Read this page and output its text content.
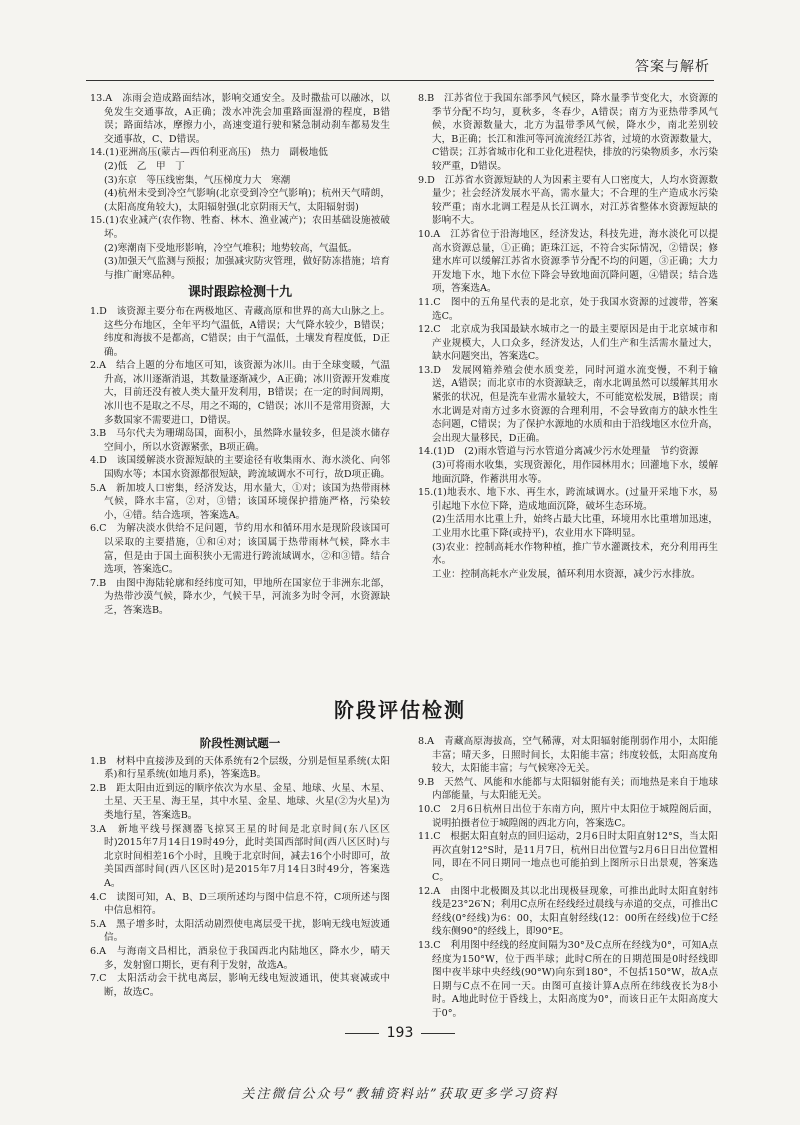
答案与解析
13.A　冻雨会造成路面结冰，影响交通安全。及时撒盐可以融冰，以免发生交通事故，A正确；泼水冲洗会加重路面湿滑的程度，B错误；路面结冰，摩擦力小，高速变道行驶和紧急制动刹车都易发生交通事故，C、D错误。
14.(1)亚洲高压(蒙古—西伯利亚高压)　热力　副极地低
(2)低　乙　甲　丁
(3)东京　等压线密集，气压梯度力大　寒潮
(4)杭州未受到冷空气影响(北京受到冷空气影响)；杭州天气晴朗，(太阳高度角较大)，太阳辐射强(北京阴雨天气，太阳辐射弱)
15.(1)农业减产(农作物、牲畜、林木、渔业减产)；农田基础设施被破坏。
(2)寒潮南下受地形影响，冷空气堆积；地势较高，气温低。
(3)加强天气监测与预报；加强减灾防灾管理，做好防冻措施；培育与推广耐寒品种。
课时跟踪检测十九
1.D　该资源主要分布在两极地区、青藏高原和世界的高大山脉之上。这些分布地区，全年平均气温低，A错误；大气降水较少，B错误；纬度和海拔不是都高，C错误；由于气温低，土壤发育程度低，D正确。
2.A　结合上题的分布地区可知，该资源为冰川。由于全球变暖，气温升高，冰川逐渐消退，其数量逐渐减少，A正确；冰川资源开发难度大，目前还没有被人类大量开发利用，B错误；在一定的时间周期，冰川也不是取之不尽，用之不竭的，C错误；冰川不是常用资源，大多数国家不需要进口，D错误。
3.B　马尔代夫为珊瑚岛国，面积小，虽然降水量较多，但是淡水储存空间小，所以水资源紧张，B项正确。
4.D　该国缓解淡水资源短缺的主要途径有收集雨水、海水淡化、向邻国购水等；本国水资源都很短缺，跨流域调水不可行，故D项正确。
5.A　新加坡人口密集，经济发达，用水量大，①对；该国为热带雨林气候，降水丰富，②对，③错；该国环境保护措施严格，污染较小，④错。结合选项，答案选A。
6.C　为解决淡水供给不足问题，节约用水和循环用水是现阶段该国可以采取的主要措施，①和④对；该国属于热带雨林气候，降水丰富，但是由于国土面积狭小无需进行跨流域调水，②和③错。结合选项，答案选C。
7.B　由图中海陆轮廓和经纬度可知，甲地所在国家位于非洲东北部，为热带沙漠气候，降水少，气候干旱，河流多为时令河，水资源缺乏，答案选B。
8.B　江苏省位于我国东部季风气候区，降水量季节变化大，水资源的季节分配不均匀，夏秋多，冬春少，A错误；南方为亚热带季风气候，水资源数量大，北方为温带季风气候，降水少，南北差别较大，B正确；长江和淮河等河流流经江苏省，过境的水资源数量大，C错误；江苏省城市化和工业化进程快，排放的污染物质多，水污染较严重，D错误。
9.D　江苏省水资源短缺的人为因素主要有人口密度大，人均水资源数量少；社会经济发展水平高，需水量大；不合理的生产造成水污染较严重；南水北调工程是从长江调水，对江苏省整体水资源短缺的影响不大。
10.A　江苏省位于沿海地区，经济发达，科技先进，海水淡化可以提高水资源总量，①正确；距珠江远，不符合实际情况，②错误；修建水库可以缓解江苏省水资源季节分配不均的问题，③正确；大力开发地下水，地下水位下降会导致地面沉降问题，④错误；结合选项，答案选A。
11.C　图中的五角星代表的是北京，处于我国水资源的过渡带，答案选C。
12.C　北京成为我国最缺水城市之一的最主要原因是由于北京城市和产业规模大，人口众多，经济发达，人们生产和生活需水量过大，缺水问题突出，答案选C。
13.D　发展网箱养殖会使水质变差，同时河道水流变慢，不利于输送，A错误；而北京市的水资源缺乏，南水北调虽然可以缓解其用水紧张的状况，但是洗车业需水量较大，不可能宽松发展，B错误；南水北调是对南方过多水资源的合理利用，不会导致南方的缺水性生态问题，C错误；为了保护水源地的水质和由于沿线地区水位升高，会出现大量移民，D正确。
14.(1)D　(2)雨水管道与污水管道分离减少污水处理量　节约资源
(3)可将雨水收集，实现资源化，用作园林用水；回灌地下水，缓解地面沉降，作蓄洪用水等。
15.(1)地表水、地下水、再生水，跨流域调水。(过量开采地下水，易引起地下水位下降，造成地面沉降，破坏生态环境。
(2)生活用水比重上升，始终占最大比重，环境用水比重增加迅速，工业用水比重下降(或持平)，农业用水下降明显。
(3)农业：控制高耗水作物种植，推广节水灌溉技术，充分利用再生水。
工业：控制高耗水产业发展，循环利用水资源，减少污水排放。
阶段评估检测
阶段性测试题一
1.B　材料中直接涉及到的天体系统有2个层级，分别是恒星系统(太阳系)和行星系统(如地月系)，答案选B。
2.B　距太阳由近到远的顺序依次为水星、金星、地球、火星、木星、土星、天王星、海王星，其中水星、金星、地球、火星(②为火星)为类地行星，答案选B。
3.A　新地平线号探测器飞掠冥王星的时间是北京时间(东八区区时)2015年7月14日19时49分，此时美国西部时间(西八区区时)与北京时间相差16个小时，且晚于北京时间，减去16个小时即可，故美国西部时间(西八区区时)是2015年7月14日3时49分，答案选A。
4.C　读图可知，A、B、D三项所述均与图中信息不符，C项所述与图中信息相符。
5.A　黑子增多时，太阳活动剧烈使电离层受干扰，影响无线电短波通信。
6.A　与海南文昌相比，酒泉位于我国西北内陆地区，降水少，晴天多，发射窗口期长，更有利于发射，故选A。
7.C　太阳活动会干扰电离层，影响无线电短波通讯，使其衰减或中断，故选C。
8.A　青藏高原海拔高，空气稀薄，对太阳辐射能削弱作用小，太阳能丰富；晴天多，日照时间长，太阳能丰富；纬度较低，太阳高度角较大，太阳能丰富；与气候寒冷无关。
9.B　天然气、风能和水能都与太阳辐射能有关；而地热是来自于地球内部能量，与太阳能无关。
10.C　2月6日杭州日出位于东南方向，照片中太阳位于城隍阁后面，说明拍摄者位于城隍阁的西北方向，答案选C。
11.C　根据太阳直射点的回归运动，2月6日时太阳直射12°S，当太阳再次直射12°S时，是11月7日，杭州日出位置与2月6日日出位置相同，即在不同日期同一地点也可能拍到上图所示日出景观，答案选C。
12.A　由图中北极圈及其以北出现极昼现象，可推出此时太阳直射纬线是23°26′N；利用C点所在经线经过晨线与赤道的交点，可推出C经线(0°经线)为6：00，太阳直射经线(12：00所在经线)位于C经线东侧90°的经线上，即90°E。
13.C　利用图中经线的经度间隔为30°及C点所在经线为0°，可知A点经度为150°W，位于西半球；此时C所在的日期范围是0时经线即图中夜半球中央经线(90°W)向东到180°，不包括150°W，故A点日期与C点不在同一天。由图可直接计算A点所在纬线夜长为8小时。A地此时位于昏线上，太阳高度为0°，而该日正午太阳高度大于0°。
193
关注微信公众号“教辅资料站”获取更多学习资料
